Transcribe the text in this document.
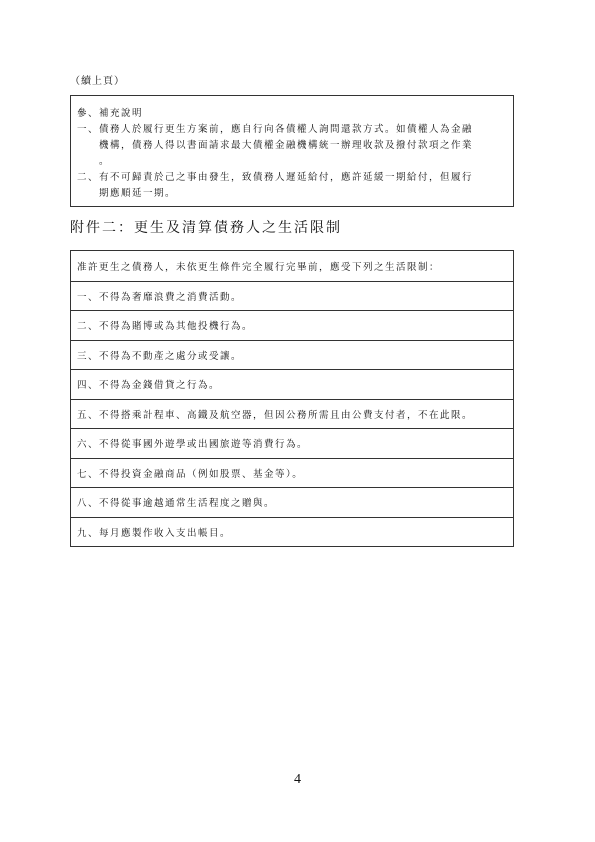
（續上頁）
參、補充說明
一、債務人於履行更生方案前，應自行向各債權人詢問還款方式。如債權人為金融
機構，債務人得以書面請求最大債權金融機構統一辦理收款及撥付款項之作業
。
二、有不可歸責於己之事由發生，致債務人遲延給付，應許延緩一期給付，但履行
期應順延一期。
附件二：更生及清算債務人之生活限制
准許更生之債務人，未依更生條件完全履行完畢前，應受下列之生活限制：
一、不得為奢靡浪費之消費活動。
二、不得為賭博或為其他投機行為。
三、不得為不動產之處分或受讓。
四、不得為金錢借貸之行為。
五、不得搭乘計程車、高鐵及航空器，但因公務所需且由公費支付者，不在此限。
六、不得從事國外遊學或出國旅遊等消費行為。
七、不得投資金融商品（例如股票、基金等）。
八、不得從事逾越通常生活程度之贈與。
九、每月應製作收入支出帳目。
4
